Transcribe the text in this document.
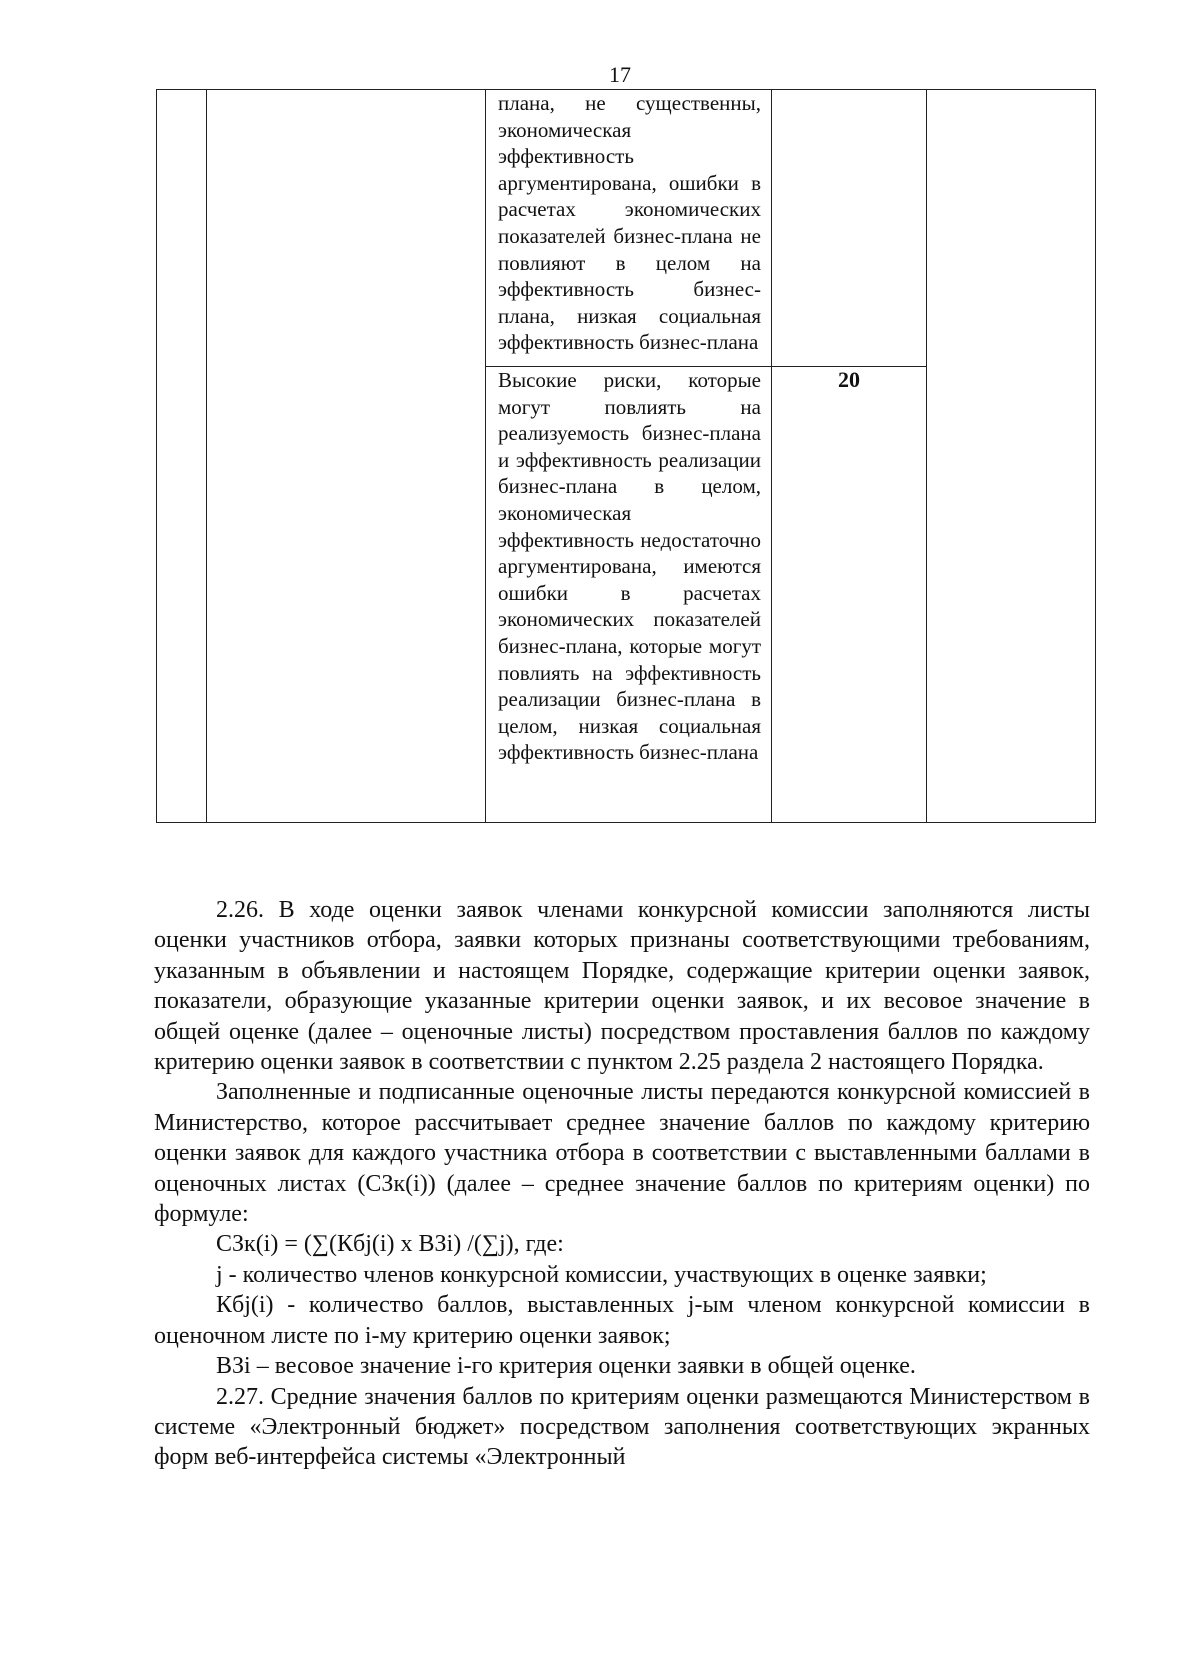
17

		плана, не существенны, экономическая эффективность аргументирована, ошибки в расчетах экономических показателей бизнес-плана не повлияют в целом на эффективность бизнес-плана, низкая социальная эффективность бизнес-плана		

		Высокие риски, которые могут повлиять на реализуемость бизнес-плана и эффективность реализации бизнес-плана в целом, экономическая эффективность недостаточно аргументирована, имеются ошибки в расчетах экономических показателей бизнес-плана, которые могут повлиять на эффективность реализации бизнес-плана в целом, низкая социальная эффективность бизнес-плана	20	

2.26. В ходе оценки заявок членами конкурсной комиссии заполняются листы оценки участников отбора, заявки которых признаны соответствующими требованиям, указанным в объявлении и настоящем Порядке, содержащие критерии оценки заявок, показатели, образующие указанные критерии оценки заявок, и их весовое значение в общей оценке (далее – оценочные листы) посредством проставления баллов по каждому критерию оценки заявок в соответствии с пунктом 2.25 раздела 2 настоящего Порядка.

Заполненные и подписанные оценочные листы передаются конкурсной комиссией в Министерство, которое рассчитывает среднее значение баллов по каждому критерию оценки заявок для каждого участника отбора в соответствии с выставленными баллами в оценочных листах (СЗк(i)) (далее – среднее значение баллов по критериям оценки) по формуле:

СЗк(i) = (∑(Кбj(i) х ВЗi) /(∑j), где:

j - количество членов конкурсной комиссии, участвующих в оценке заявки;

Кбj(i) - количество баллов, выставленных j-ым членом конкурсной комиссии в оценочном листе по i-му критерию оценки заявок;

ВЗi – весовое значение i-го критерия оценки заявки в общей оценке.

2.27. Средние значения баллов по критериям оценки размещаются Министерством в системе «Электронный бюджет» посредством заполнения соответствующих экранных форм веб-интерфейса системы «Электронный
